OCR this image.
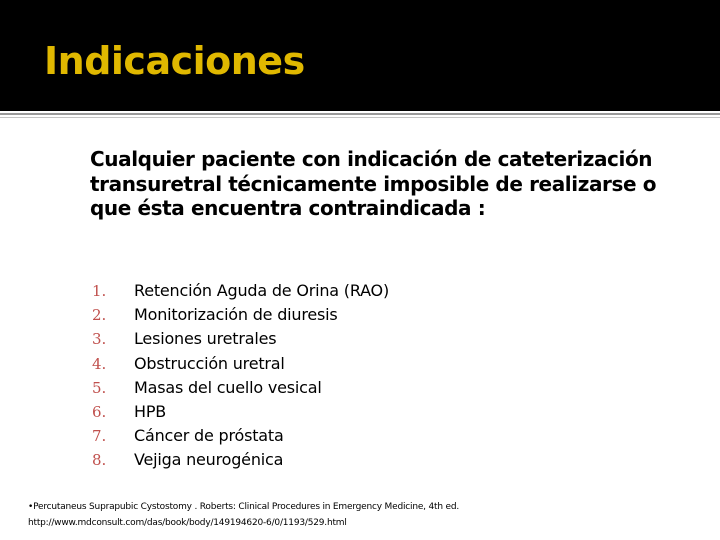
Indicaciones
Cualquier paciente con indicación de cateterización transuretral técnicamente imposible de realizarse o que ésta encuentra contraindicada :
1.	Retención Aguda de Orina (RAO)
2.	Monitorización de diuresis
3.	Lesiones uretrales
4.	Obstrucción uretral
5.	Masas del cuello vesical
6.	HPB
7.	Cáncer de próstata
8.	Vejiga neurogénica
•Percutaneus Suprapubic Cystostomy . Roberts: Clinical Procedures in Emergency Medicine, 4th ed.
http://www.mdconsult.com/das/book/body/149194620-6/0/1193/529.html
